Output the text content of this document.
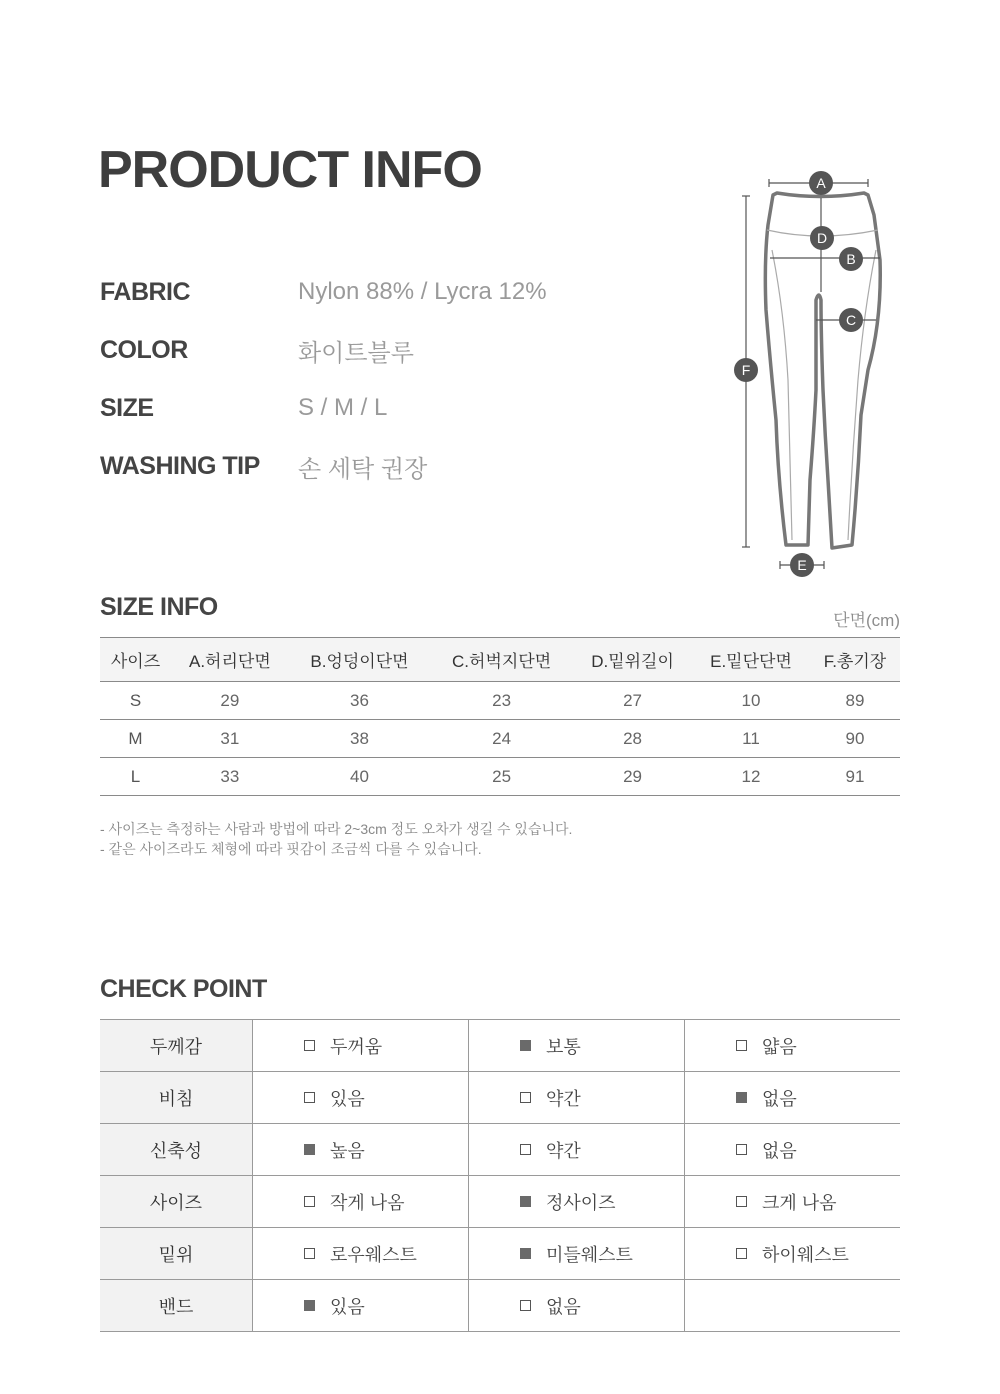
PRODUCT INFO
FABRIC	Nylon 88% / Lycra 12%
COLOR	화이트블루
SIZE	S / M / L
WASHING TIP	손 세탁 권장
A
B
C
D
E
F
SIZE INFO	단면(cm)
사이즈	A.허리단면	B.엉덩이단면	C.허벅지단면	D.밑위길이	E.밑단단면	F.총기장
S	29	36	23	27	10	89
M	31	38	24	28	11	90
L	33	40	25	29	12	91
- 사이즈는 측정하는 사람과 방법에 따라 2~3cm 정도 오차가 생길 수 있습니다.
- 같은 사이즈라도 체형에 따라 핏감이 조금씩 다를 수 있습니다.
CHECK POINT
두께감	두꺼움	보통	얇음

비침	있음	약간	없음

신축성	높음	약간	없음

사이즈	작게 나옴	정사이즈	크게 나옴

밑위	로우웨스트	미들웨스트	하이웨스트

밴드	있음	없음	
